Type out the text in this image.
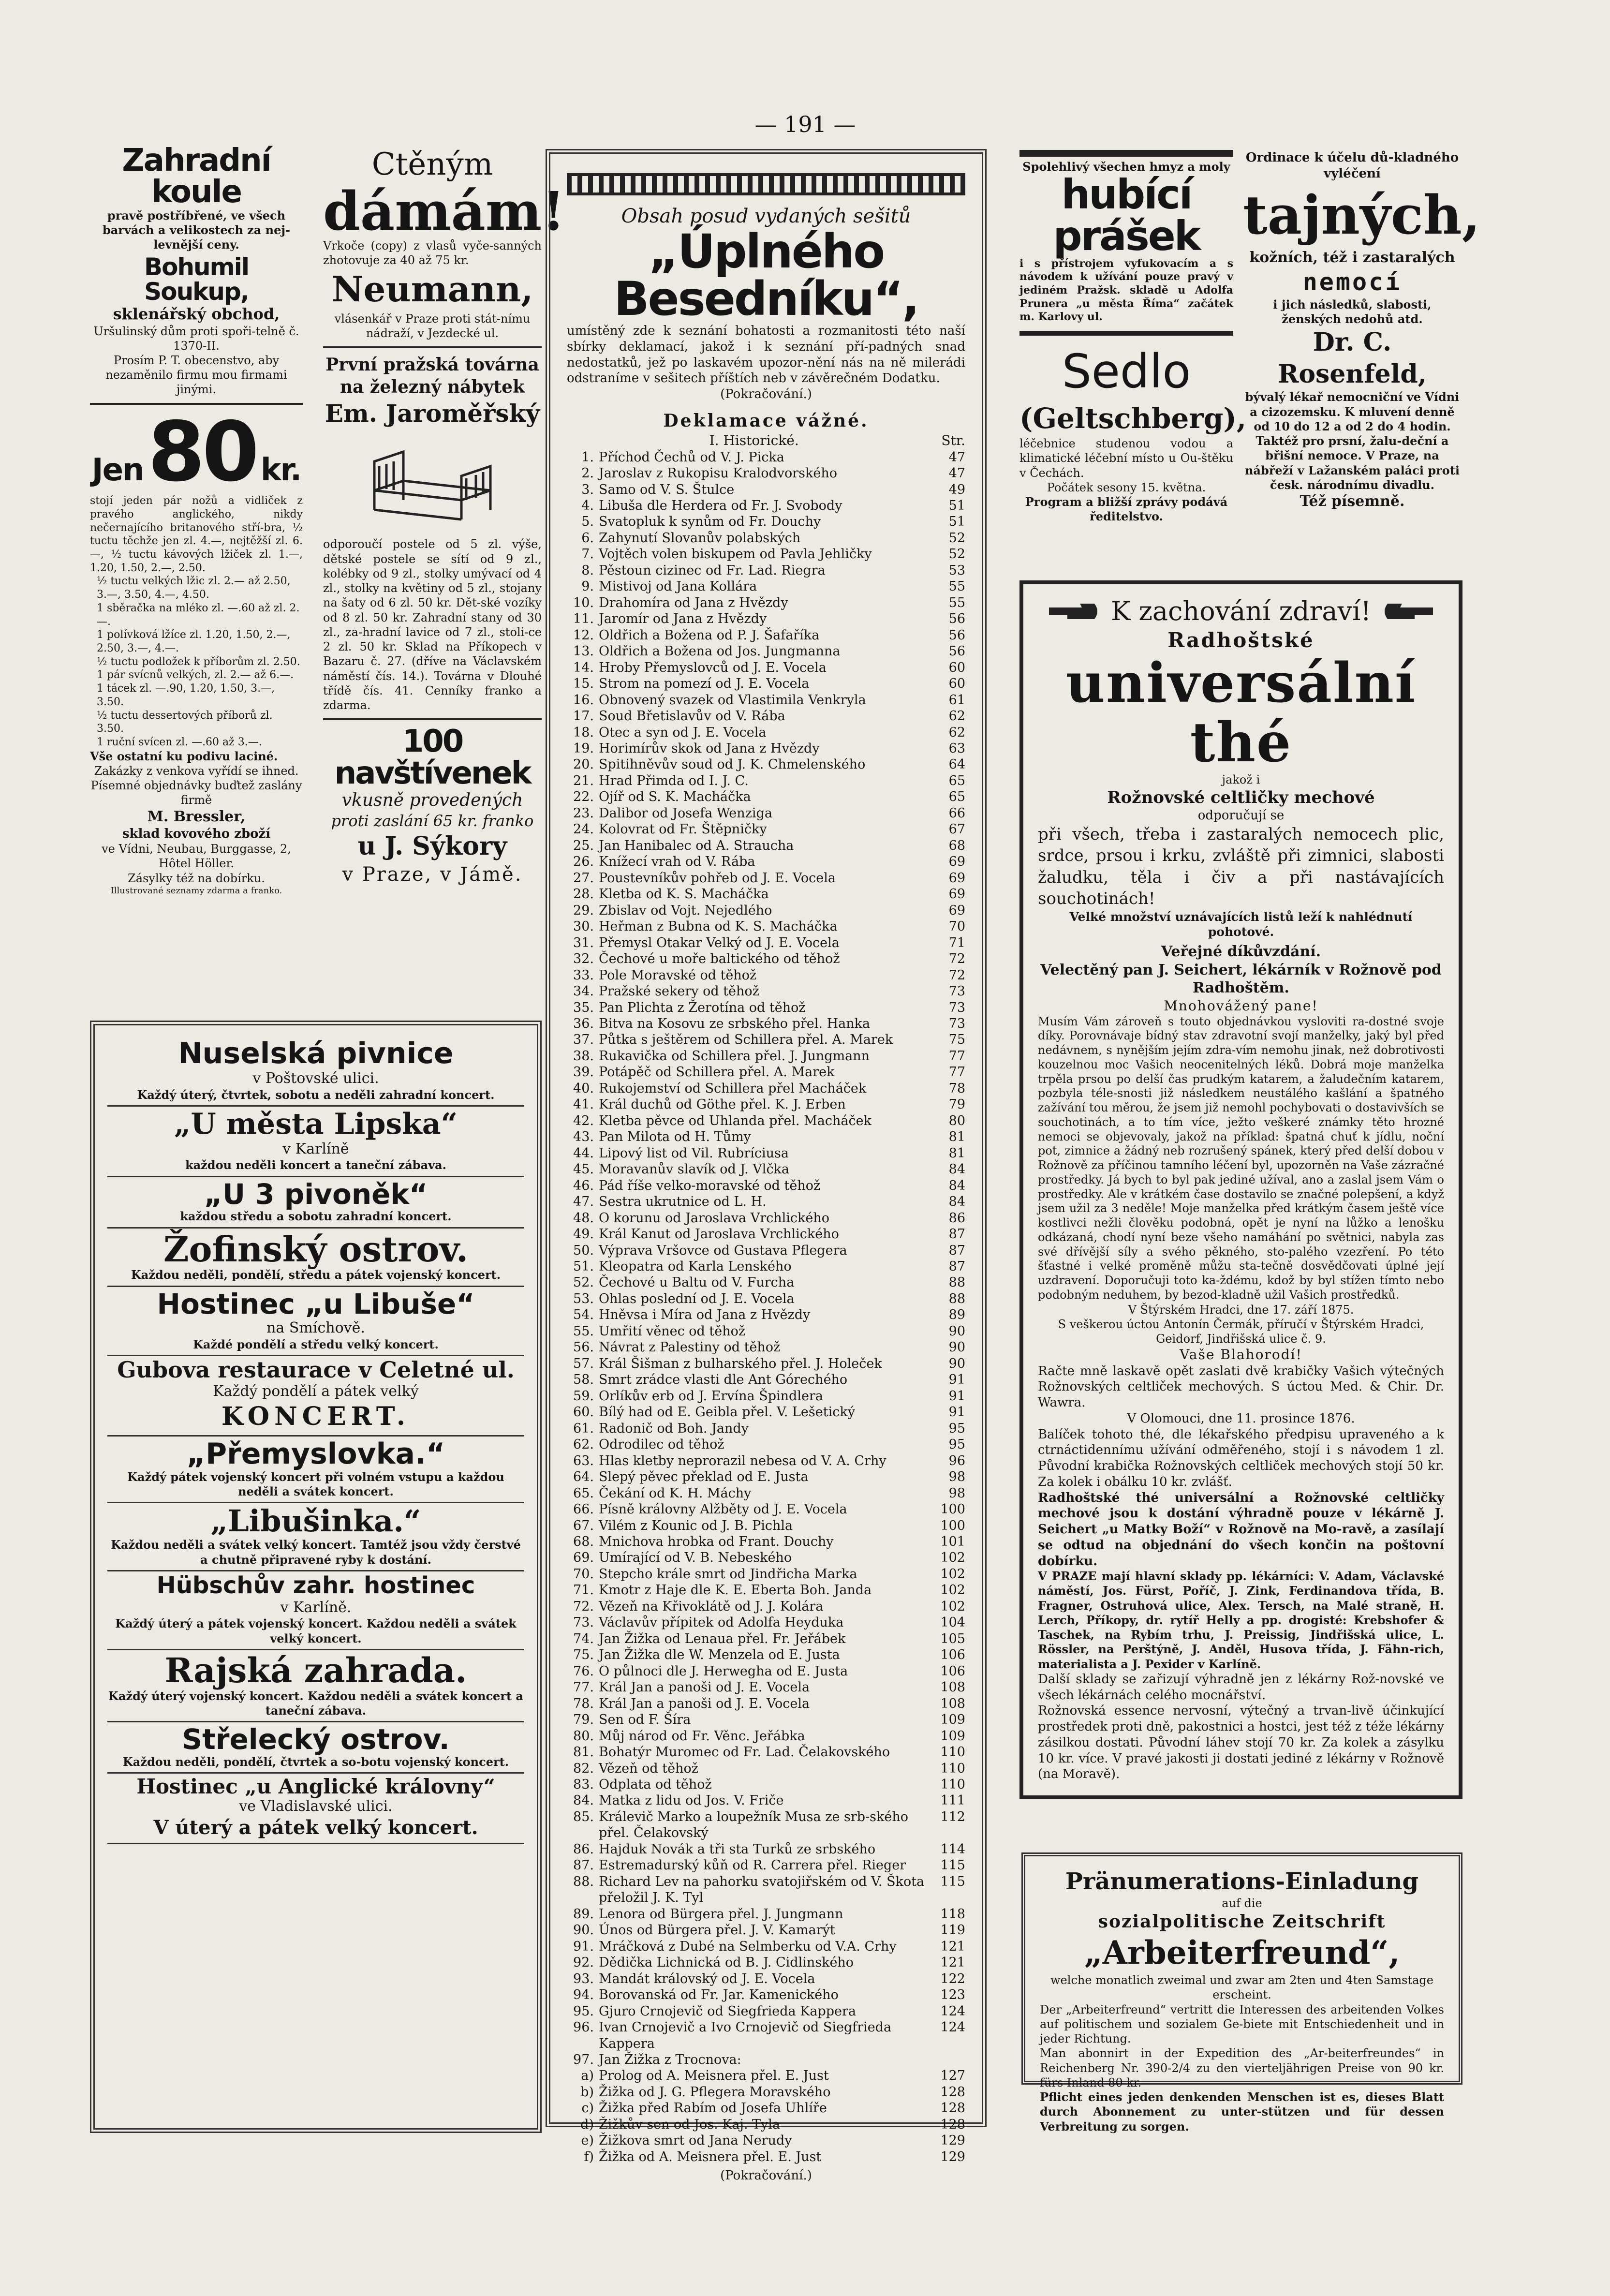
— 191 —
Zahradní koule
pravě postříbřené, ve všech barvách a velikostech za nej-levnější ceny.
Bohumil Soukup,
sklenářský obchod,
Uršulinský dům proti spoři-telně č. 1370-II.
Prosím P. T. obecenstvo, aby nezaměnilo firmu mou firmami jinými.
Jen 80 kr.
stojí jeden pár nožů a vidliček z pravého anglického, nikdy nečernajícího britanového stří-bra, ½ tuctu těchže jen zl. 4.—, nejtěžší zl. 6.—, ½ tuctu kávových lžiček zl. 1.—, 1.20, 1.50, 2.—, 2.50.
½ tuctu velkých lžic zl. 2.— až 2.50, 3.—, 3.50, 4.—, 4.50.
1 sběračka na mléko zl. —.60 až zl. 2.—.
1 polívková lžíce zl. 1.20, 1.50, 2.—, 2.50, 3.—, 4.—.
½ tuctu podložek k příborům zl. 2.50.
1 pár svícnů velkých, zl. 2.— až 6.—.
1 tácek zl. —.90, 1.20, 1.50, 3.—, 3.50.
½ tuctu dessertových příborů zl. 3.50.
1 ruční svícen zl. —.60 až 3.—.
Vše ostatní ku podivu laciné.
Zakázky z venkova vyřídí se ihned. Písemné objednávky buďtež zaslány firmě
M. Bressler,
sklad kovového zboží
ve Vídni, Neubau, Burggasse, 2, Hôtel Höller.
Zásylky též na dobírku.
Illustrované seznamy zdarma a franko.
Ctěným
dámám!
Vrkoče (copy) z vlasů vyče-sanných zhotovuje za 40 až 75 kr.
Neumann,
vlásenkář v Praze proti stát-nímu nádraží, v Jezdecké ul.
První pražská továrna na železný nábytek
Em. Jaroměřský
odporoučí postele od 5 zl. výše, dětské postele se sítí od 9 zl., kolébky od 9 zl., stolky umývací od 4 zl., stolky na květiny od 5 zl., stojany na šaty od 6 zl. 50 kr. Dět-ské vozíky od 8 zl. 50 kr. Zahradní stany od 30 zl., za-hradní lavice od 7 zl., stoli-ce 2 zl. 50 kr. Sklad na Příkopech v Bazaru č. 27. (dříve na Václavském náměstí čís. 14.). Továrna v Dlouhé třídě čís. 41. Cenníky franko a zdarma.
100 navštívenek
vkusně provedených
proti zaslání 65 kr. franko
u J. Sýkory
v Praze, v Jámě.
Nuselská pivnice
v Poštovské ulici.
Každý úterý, čtvrtek, sobotu a neděli zahradní koncert.
„U města Lipska“
v Karlíně
každou neděli koncert a taneční zábava.
„U 3 pivoněk“
každou středu a sobotu zahradní koncert.
Žofinský ostrov.
Každou neděli, pondělí, středu a pátek vojenský koncert.
Hostinec „u Libuše“
na Smíchově.
Každé pondělí a středu velký koncert.
Gubova restaurace v Celetné ul.
Každý pondělí a pátek velký
KONCERT.
„Přemyslovka.“
Každý pátek vojenský koncert při volném vstupu a každou neděli a svátek koncert.
„Libušinka.“
Každou neděli a svátek velký koncert. Tamtéž jsou vždy čerstvé a chutně připravené ryby k dostání.
Hübschův zahr. hostinec
v Karlíně.
Každý úterý a pátek vojenský koncert. Každou neděli a svátek velký koncert.
Rajská zahrada.
Každý úterý vojenský koncert. Každou neděli a svátek koncert a taneční zábava.
Střelecký ostrov.
Každou neděli, pondělí, čtvrtek a so-botu vojenský koncert.
Hostinec „u Anglické královny“
ve Vladislavské ulici.
V úterý a pátek velký koncert.
Obsah posud vydaných sešitů
„Úplného Besedníku“,
umístěný zde k seznání bohatosti a rozmanitosti této naší sbírky deklamací, jakož i k seznání pří-padných snad nedostatků, jež po laskavém upozor-nění nás na ně milerádi odstraníme v sešitech příštích neb v závěrečném Dodatku.
(Pokračování.)
Deklamace vážné.
I. Historické.	Str.
1. Příchod Čechů od V. J. Picka	47
2. Jaroslav z Rukopisu Kralodvorského	47
3. Samo od V. S. Štulce	49
4. Libuša dle Herdera od Fr. J. Svobody	51
5. Svatopluk k synům od Fr. Douchy	51
6. Zahynutí Slovanův polabských	52
7. Vojtěch volen biskupem od Pavla Jehličky	52
8. Pěstoun cizinec od Fr. Lad. Riegra	53
9. Mistivoj od Jana Kollára	55
10. Drahomíra od Jana z Hvězdy	55
11. Jaromír od Jana z Hvězdy	56
12. Oldřich a Božena od P. J. Šafaříka	56
13. Oldřich a Božena od Jos. Jungmanna	56
14. Hroby Přemyslovců od J. E. Vocela	60
15. Strom na pomezí od J. E. Vocela	60
16. Obnovený svazek od Vlastimila Venkryla	61
17. Soud Břetislavův od V. Rába	62
18. Otec a syn od J. E. Vocela	62
19. Horimírův skok od Jana z Hvězdy	63
20. Spitihněvův soud od J. K. Chmelenského	64
21. Hrad Přimda od I. J. C.	65
22. Ojíř od S. K. Macháčka	65
23. Dalibor od Josefa Wenzigа	66
24. Kolovrat od Fr. Štěpničky	67
25. Jan Hanibalec od A. Straucha	68
26. Knížecí vrah od V. Rába	69
27. Poustevníkův pohřeb od J. E. Vocela	69
28. Kletba od K. S. Macháčka	69
29. Zbislav od Vojt. Nejedlého	69
30. Heřman z Bubna od K. S. Macháčka	70
31. Přemysl Otakar Velký od J. E. Vocela	71
32. Čechové u moře baltického od těhož	72
33. Pole Moravské od těhož	72
34. Pražské sekery od těhož	73
35. Pan Plichta z Žerotína od těhož	73
36. Bitva na Kosovu ze srbského přel. Hanka	73
37. Půtka s ještěrem od Schillera přel. A. Marek	75
38. Rukavička od Schillera přel. J. Jungmann	77
39. Potápěč od Schillera přel. A. Marek	77
40. Rukojemství od Schillera přel Macháček	78
41. Král duchů od Göthe přel. K. J. Erben	79
42. Kletba pěvce od Uhlanda přel. Macháček	80
43. Pan Milota od H. Tůmy	81
44. Lipový list od Vil. Rubríciusa	81
45. Moravanův slavík od J. Vlčka	84
46. Pád říše velko-moravské od těhož	84
47. Sestra ukrutnice od L. H.	84
48. O korunu od Jaroslava Vrchlického	86
49. Král Kanut od Jaroslava Vrchlického	87
50. Výprava Vršovce od Gustava Pflegera	87
51. Kleopatra od Karla Lenského	87
52. Čechové u Baltu od V. Furcha	88
53. Ohlas poslední od J. E. Vocela	88
54. Hněvsa i Míra od Jana z Hvězdy	89
55. Umřití věnec od těhož	90
56. Návrat z Palestiny od těhož	90
57. Král Šišman z bulharského přel. J. Holeček	90
58. Smrt zrádce vlasti dle Ant Górechého	91
59. Orlíkův erb od J. Ervína Špindlera	91
60. Bílý had od E. Geibla přel. V. Lešetický	91
61. Radonič od Boh. Jandy	95
62. Odrodilec od těhož	95
63. Hlas kletby neprorazil nebesa od V. A. Crhy	96
64. Slepý pěvec překlad od E. Justa	98
65. Čekání od K. H. Máchy	98
66. Písně královny Alžběty od J. E. Vocela	100
67. Vilém z Kounic od J. B. Pichla	100
68. Mnichova hrobka od Frant. Douchy	101
69. Umírající od V. B. Nebeského	102
70. Stepcho králе smrt od Jindřicha Marka	102
71. Kmotr z Haje dle K. E. Eberta Boh. Janda	102
72. Vězeň na Křivoklátě od J. J. Kolára	102
73. Václavův přípitek od Adolfa Heyduka	104
74. Jan Žižka od Lenaua přel. Fr. Jeřábek	105
75. Jan Žižka dle W. Menzela od E. Justa	106
76. O půlnoci dle J. Herwegha od E. Justa	106
77. Král Jan a panoši od J. E. Vocela	108
78. Král Jan a panoši od J. E. Vocela	108
79. Sen od F. Šíra	109
80. Můj národ od Fr. Věnc. Jeřábka	109
81. Bohatýr Muromec od Fr. Lad. Čelakovského	110
82. Vězeň od těhož	110
83. Odplata od těhož	110
84. Matka z lidu od Jos. V. Friče	111
85. Králevič Marko a loupežník Musa ze srb-ského přel. Čelakovský
112
86. Hajduk Novák a tři sta Turků ze srbského	114
87. Estremadurský kůň od R. Carrera přel. Rieger	115
88. Richard Lev na pahorku svatojiřském od V. Škota přeložil J. K. Tyl
115
89. Lenora od Bürgera přel. J. Jungmann	118
90. Únos od Bürgera přel. J. V. Kamarýt	119
91. Mráčková z Dubé na Selmberku od V.A. Crhy	121
92. Dědička Lichnická od B. J. Cidlinského	121
93. Mandát královský od J. E. Vocela	122
94. Borovanská od Fr. Jar. Kamenického	123
95. Gjuro Crnojevič od Siegfrieda Kappera	124
96. Ivan Crnojevič a Ivo Crnojevič od Siegfrieda Kappera
124
97. Jan Žižka z Trocnova:
a) Prolog od A. Meisnera přel. E. Just	127
b) Žižka od J. G. Pflegera Moravského	128
c) Žižka před Rabím od Josefa Uhlíře	128
d) Žižkův sen od Jos. Kaj. Tyla	128
e) Žižkova smrt od Jana Nerudy	129
f) Žižka od A. Meisnera přel. E. Just	129
(Pokračování.)
Spolehlivý všechen hmyz a moly
hubící prášek
i s přístrojem vyfukovacím a s návodem k užívání pouze pravý v jediném Pražsk. skladě u Adolfa Prunera „u města Říma“ začátek m. Karlovy ul.
Sedlo
(Geltschberg),
léčebnice studenou vodou a klimatické léčební místo u Ou-štěku v Čechách.
Počátek sesony 15. května.
Program a bližší zprávy podává ředitelstvo.
Ordinace k účelu dů-kladného vyléčení
tajných,
kožních, též i zastaralých
nemocí
i jich následků, slabosti, ženských nedohů atd.
Dr. C. Rosenfeld,
bývalý lékař nemocniční ve Vídni a cizozemsku. K mluvení denně od 10 do 12 a od 2 do 4 hodin. Taktéž pro prsní, žalu-deční a břišní nemoce. V Praze, na nábřeží v Lažanském paláci proti česk. národnímu divadlu.
Též písemně.
K zachování zdraví!
Radhoštské
universální thé
jakož i
Rožnovské celtličky mechové
odporučují se
při všech, třeba i zastaralých nemocech plic, srdce, prsou i krku, zvláště při zimnici, slabosti žaludku, těla i čiv a při nastávajících souchotinách!
Velké množství uznávajících listů leží k nahlédnutí pohotové.
Veřejné díkůvzdání.
Velectěný pan J. Seichert, lékárník v Rožnově pod Radhoštěm.
Mnohovážený pane!
Musím Vám zároveň s touto objednávkou vysloviti ra-dostné svoje díky. Porovnávaje bídný stav zdravotní svojí manželky, jaký byl před nedávnem, s nynějším jejím zdra-vím nemohu jinak, než dobrotivosti kouzelnou moc Vašich neocenitelných léků. Dobrá moje manželka trpěla prsou po delší čas prudkým katarem, a žaludečním katarem, pozbyla téle-snosti již následkem neustálého kašlání a špatného zažívání tou měrou, že jsem již nemohl pochybovati o dostavivších se souchotinách, a to tím více, ježto veškeré známky těto hrozné nemoci se objevovaly, jakož na příklad: špatná chuť k jídlu, noční pot, zimnice a žádný neb rozrušený spánek, který před delší dobou v Rožnově za příčinou tamního léčení byl, upozorněn na Vaše zázračné prostředky. Já bych to byl pak jediné užíval, ano a zaslal jsem Vám o prostředky. Ale v krátkém čase dostavilo se značné polepšení, a když jsem užil za 3 neděle! Moje manželka před krátkým časem ještě více kostlivci nežli člověku podobná, opět je nyní na lůžko a lenošku odkázaná, chodí nyní beze všeho namáhání po světnici, nabyla zas své dřívější síly a svého pěkného, sto-palého vzezření. Po této šťastné i velké proměně můžu sta-tečně dosvědčovati úplné její uzdravení. Doporučuji toto ka-ždému, kdož by byl stížen tímto nebo podobným neduhem, by bezod-kladně užil Vašich prostředků.
V Štýrském Hradci, dne 17. září 1875.
S veškerou úctou Antonín Čermák, příručí v Štýrském Hradci, Geidorf, Jindřišská ulice č. 9.
Vaše Blahorodí!
Račte mně laskavě opět zaslati dvě krabičky Vašich výtečných Rožnovských celtliček mechových. S úctou Med. & Chir. Dr. Wawra.
V Olomouci, dne 11. prosince 1876.
Balíček tohoto thé, dle lékařského předpisu upraveného a k ctrnáctidennímu užívání odměřeného, stojí i s návodem 1 zl. Původní krabička Rožnovských celtliček mechových stojí 50 kr. Za kolek i obálku 10 kr. zvlášť.
Radhoštské thé universální a Rožnovské celtličky mechové jsou k dostání výhradně pouze v lékárně J. Seichert „u Matky Boží“ v Rožnově na Mo-ravě, a zasílají se odtud na objednání do všech končin na poštovní dobírku.
V PRAZE mají hlavní sklady pp. lékárníci: V. Adam, Václavské náměstí, Jos. Fürst, Poříč, J. Zink, Ferdinandova třída, B. Fragner, Ostruhová ulice, Alex. Tersch, na Malé straně, H. Lerch, Příkopy, dr. rytíř Helly a pp. drogisté: Krebshofer & Taschek, na Rybím trhu, J. Preissig, Jindřišská ulice, L. Rössler, na Perštýně, J. Anděl, Husova třída, J. Fähn-rich, materialista a J. Pexider v Karlíně.
Další sklady se zařizují výhradně jen z lékárny Rož-novské ve všech lékárnách celého mocnářství.
Rožnovská essence nervosní, výtečný a trvan-livě účinkující prostředek proti dně, pakostnici a hostci, jest též z téže lékárny zásilkou dostati. Původní láhev stojí 70 kr. Za kolek a zásylku 10 kr. více. V pravé jakosti ji dostati jediné z lékárny v Rožnově (na Moravě).
Pränumerations-Einladung
auf die
sozialpolitische Zeitschrift
„Arbeiterfreund“,
welche monatlich zweimal und zwar am 2ten und 4ten Samstage erscheint.
Der „Arbeiterfreund“ vertritt die Interessen des arbeitenden Volkes auf politischem und sozialem Ge-biete mit Entschiedenheit und in jeder Richtung.
Man abonnirt in der Expedition des „Ar-beiterfreundes“ in Reichenberg Nr. 390-2/4 zu den vierteljährigen Preise von 90 kr. fürs Inland 80 kr.
Pflicht eines jeden denkenden Menschen ist es, dieses Blatt durch Abonnement zu unter-stützen und für dessen Verbreitung zu sorgen.
